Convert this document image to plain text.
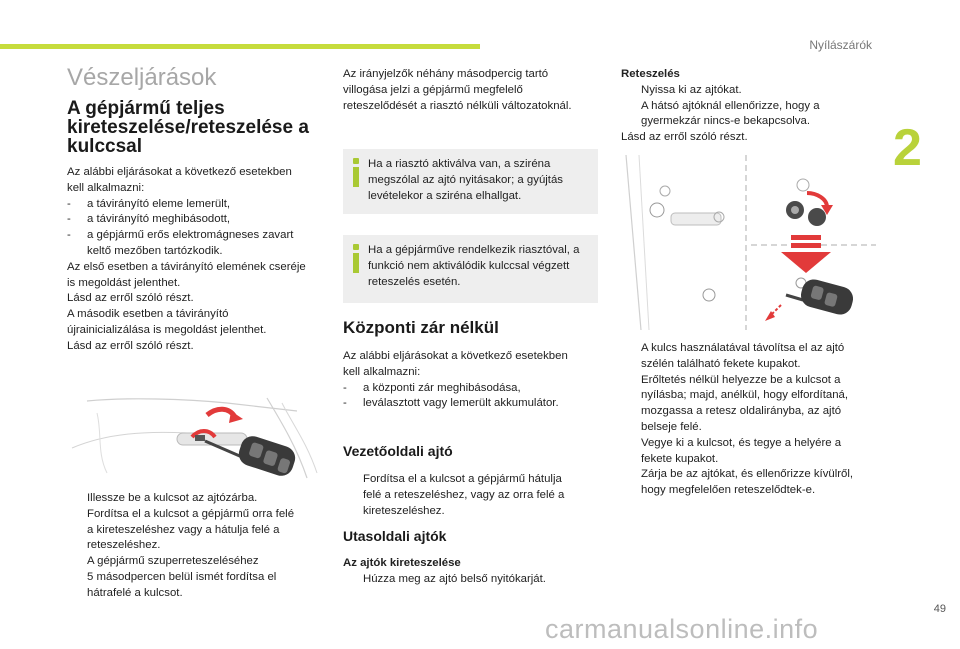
Nyílászárók
2
49
carmanualsonline.info
Vészeljárások
A gépjármű teljes
kireteszelése/reteszelése a
kulccsal
Az alábbi eljárásokat a következő esetekben
kell alkalmazni:
- a távirányító eleme lemerült,
- a távirányító meghibásodott,
- a gépjármű erős elektromágneses zavart
keltő mezőben tartózkodik.
Az első esetben a távirányító elemének cseréje
is megoldást jelenthet.
Lásd az erről szóló részt.
A második esetben a távirányító
újrainicializálása is megoldást jelenthet.
Lásd az erről szóló részt.
Illessze be a kulcsot az ajtózárba.
Fordítsa el a kulcsot a gépjármű orra felé
a kireteszeléshez vagy a hátulja felé a
reteszeléshez.
A gépjármű szuperreteszeléséhez
5 másodpercen belül ismét fordítsa el
hátrafelé a kulcsot.
Az irányjelzők néhány másodpercig tartó
villogása jelzi a gépjármű megfelelő
reteszelődését a riasztó nélküli változatoknál.
Ha a riasztó aktiválva van, a sziréna
megszólal az ajtó nyitásakor; a gyújtás
levételekor a sziréna elhallgat.
Ha a gépjárműve rendelkezik riasztóval, a
funkció nem aktiválódik kulccsal végzett
reteszelés esetén.
Központi zár nélkül
Az alábbi eljárásokat a következő esetekben
kell alkalmazni:
- a központi zár meghibásodása,
- leválasztott vagy lemerült akkumulátor.
Vezetőoldali ajtó
Fordítsa el a kulcsot a gépjármű hátulja
felé a reteszeléshez, vagy az orra felé a
kireteszeléshez.
Utasoldali ajtók
Az ajtók kireteszelése
Húzza meg az ajtó belső nyitókarját.
Reteszelés
Nyissa ki az ajtókat.
A hátsó ajtóknál ellenőrizze, hogy a
gyermekzár nincs-e bekapcsolva.
Lásd az erről szóló részt.
A kulcs használatával távolítsa el az ajtó
szélén található fekete kupakot.
Erőltetés nélkül helyezze be a kulcsot a
nyílásba; majd, anélkül, hogy elfordítaná,
mozgassa a retesz oldalirányba, az ajtó
belseje felé.
Vegye ki a kulcsot, és tegye a helyére a
fekete kupakot.
Zárja be az ajtókat, és ellenőrizze kívülről,
hogy megfelelően reteszelődtek-e.
